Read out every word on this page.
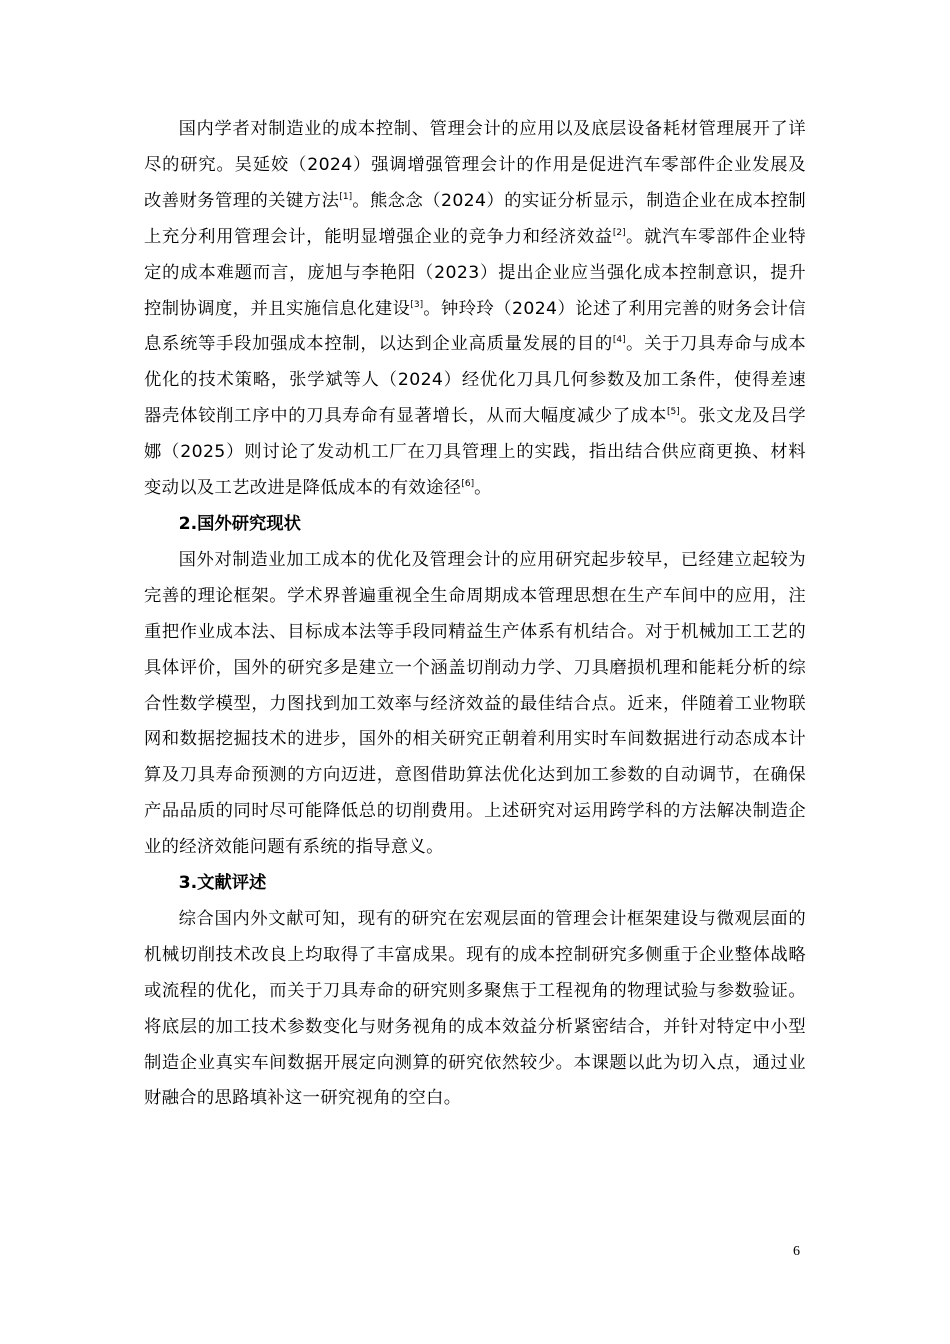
国内学者对制造业的成本控制、管理会计的应用以及底层设备耗材管理展开了详尽的研究。吴延姣（2024）强调增强管理会计的作用是促进汽车零部件企业发展及改善财务管理的关键方法[1]。熊念念（2024）的实证分析显示，制造企业在成本控制上充分利用管理会计，能明显增强企业的竞争力和经济效益[2]。就汽车零部件企业特定的成本难题而言，庞旭与李艳阳（2023）提出企业应当强化成本控制意识，提升控制协调度，并且实施信息化建设[3]。钟玲玲（2024）论述了利用完善的财务会计信息系统等手段加强成本控制，以达到企业高质量发展的目的[4]。关于刀具寿命与成本优化的技术策略，张学斌等人（2024）经优化刀具几何参数及加工条件，使得差速器壳体铰削工序中的刀具寿命有显著增长，从而大幅度减少了成本[5]。张文龙及吕学娜（2025）则讨论了发动机工厂在刀具管理上的实践，指出结合供应商更换、材料变动以及工艺改进是降低成本的有效途径[6]。

2.国外研究现状

国外对制造业加工成本的优化及管理会计的应用研究起步较早，已经建立起较为完善的理论框架。学术界普遍重视全生命周期成本管理思想在生产车间中的应用，注重把作业成本法、目标成本法等手段同精益生产体系有机结合。对于机械加工工艺的具体评价，国外的研究多是建立一个涵盖切削动力学、刀具磨损机理和能耗分析的综合性数学模型，力图找到加工效率与经济效益的最佳结合点。近来，伴随着工业物联网和数据挖掘技术的进步，国外的相关研究正朝着利用实时车间数据进行动态成本计算及刀具寿命预测的方向迈进，意图借助算法优化达到加工参数的自动调节，在确保产品品质的同时尽可能降低总的切削费用。上述研究对运用跨学科的方法解决制造企业的经济效能问题有系统的指导意义。

3.文献评述

综合国内外文献可知，现有的研究在宏观层面的管理会计框架建设与微观层面的机械切削技术改良上均取得了丰富成果。现有的成本控制研究多侧重于企业整体战略或流程的优化，而关于刀具寿命的研究则多聚焦于工程视角的物理试验与参数验证。将底层的加工技术参数变化与财务视角的成本效益分析紧密结合，并针对特定中小型制造企业真实车间数据开展定向测算的研究依然较少。本课题以此为切入点，通过业财融合的思路填补这一研究视角的空白。

6
